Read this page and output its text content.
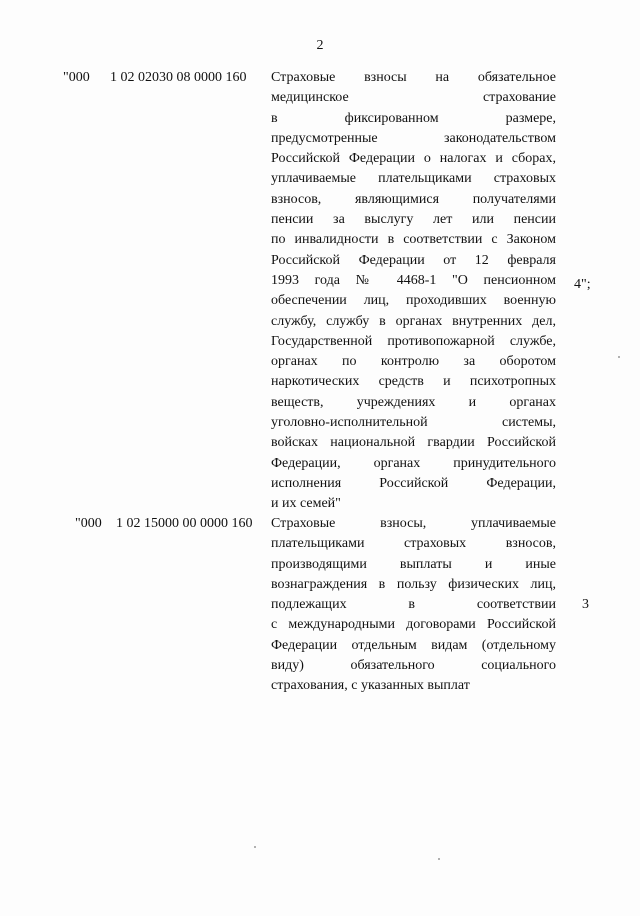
2
"000 1 02 02030 08 0000 160 Страховые взносы на обязательное
медицинское страхование
в фиксированном размере,
предусмотренные законодательством
Российской Федерации о налогах и сборах,
уплачиваемые плательщиками страховых
взносов, являющимися получателями
пенсии за выслугу лет или пенсии
по инвалидности в соответствии с Законом
Российской Федерации от 12 февраля
1993 года № 4468-1 "О пенсионном
обеспечении лиц, проходивших военную
службу, службу в органах внутренних дел,
Государственной противопожарной службе,
органах по контролю за оборотом
наркотических средств и психотропных
веществ, учреждениях и органах
уголовно-исполнительной системы,
войсках национальной гвардии Российской
Федерации, органах принудительного
исполнения Российской Федерации,
и их семей"
4";
"000 1 02 15000 00 0000 160 Страховые взносы, уплачиваемые
плательщиками страховых взносов,
производящими выплаты и иные
вознаграждения в пользу физических лиц,
подлежащих в соответствии
с международными договорами Российской
Федерации отдельным видам (отдельному
виду) обязательного социального
страхования, с указанных выплат
3
